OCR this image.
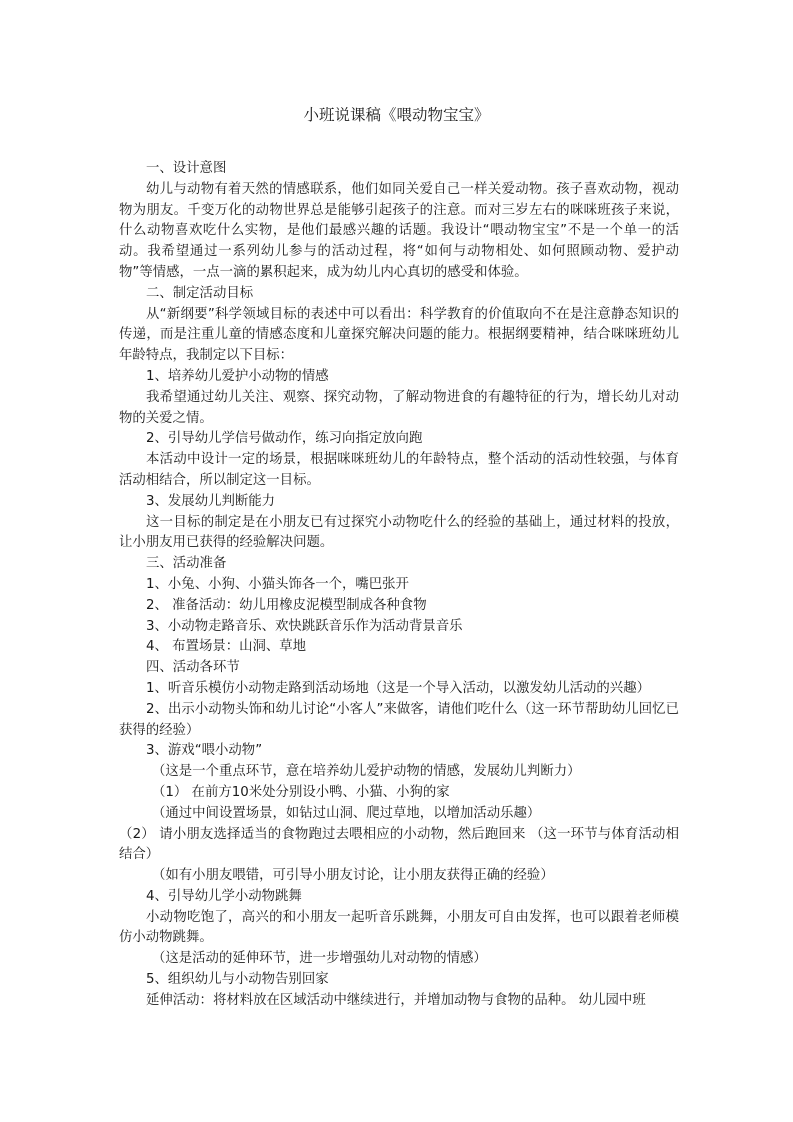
小班说课稿《喂动物宝宝》
一、设计意图
幼儿与动物有着天然的情感联系，他们如同关爱自己一样关爱动物。孩子喜欢动物，视动物为朋友。千变万化的动物世界总是能够引起孩子的注意。而对三岁左右的咪咪班孩子来说，什么动物喜欢吃什么实物，是他们最感兴趣的话题。我设计“喂动物宝宝”不是一个单一的活动。我希望通过一系列幼儿参与的活动过程，将“如何与动物相处、如何照顾动物、爱护动物”等情感，一点一滴的累积起来，成为幼儿内心真切的感受和体验。
二、制定活动目标
从“新纲要”科学领域目标的表述中可以看出：科学教育的价值取向不在是注意静态知识的传递，而是注重儿童的情感态度和儿童探究解决问题的能力。根据纲要精神，结合咪咪班幼儿年龄特点，我制定以下目标：
1、培养幼儿爱护小动物的情感
我希望通过幼儿关注、观察、探究动物，了解动物进食的有趣特征的行为，增长幼儿对动物的关爱之情。
2、引导幼儿学信号做动作，练习向指定放向跑
本活动中设计一定的场景，根据咪咪班幼儿的年龄特点，整个活动的活动性较强，与体育活动相结合，所以制定这一目标。
3、发展幼儿判断能力
这一目标的制定是在小朋友已有过探究小动物吃什么的经验的基础上，通过材料的投放，让小朋友用已获得的经验解决问题。
三、活动准备
1、小兔、小狗、小猫头饰各一个，嘴巴张开
2、 准备活动：幼儿用橡皮泥模型制成各种食物
3、小动物走路音乐、欢快跳跃音乐作为活动背景音乐
4、 布置场景：山洞、草地
四、活动各环节
1、听音乐模仿小动物走路到活动场地（这是一个导入活动，以激发幼儿活动的兴趣）
2、出示小动物头饰和幼儿讨论“小客人”来做客，请他们吃什么（这一环节帮助幼儿回忆已获得的经验）
3、游戏“喂小动物”
（这是一个重点环节，意在培养幼儿爱护动物的情感，发展幼儿判断力）
（1） 在前方10米处分别设小鸭、小猫、小狗的家
（通过中间设置场景，如钻过山洞、爬过草地，以增加活动乐趣）
（2） 请小朋友选择适当的食物跑过去喂相应的小动物，然后跑回来 （这一环节与体育活动相结合）
（如有小朋友喂错，可引导小朋友讨论，让小朋友获得正确的经验）
4、引导幼儿学小动物跳舞
小动物吃饱了，高兴的和小朋友一起听音乐跳舞，小朋友可自由发挥，也可以跟着老师模仿小动物跳舞。
（这是活动的延伸环节，进一步增强幼儿对动物的情感）
5、组织幼儿与小动物告别回家
延伸活动：将材料放在区域活动中继续进行，并增加动物与食物的品种。 幼儿园中班
